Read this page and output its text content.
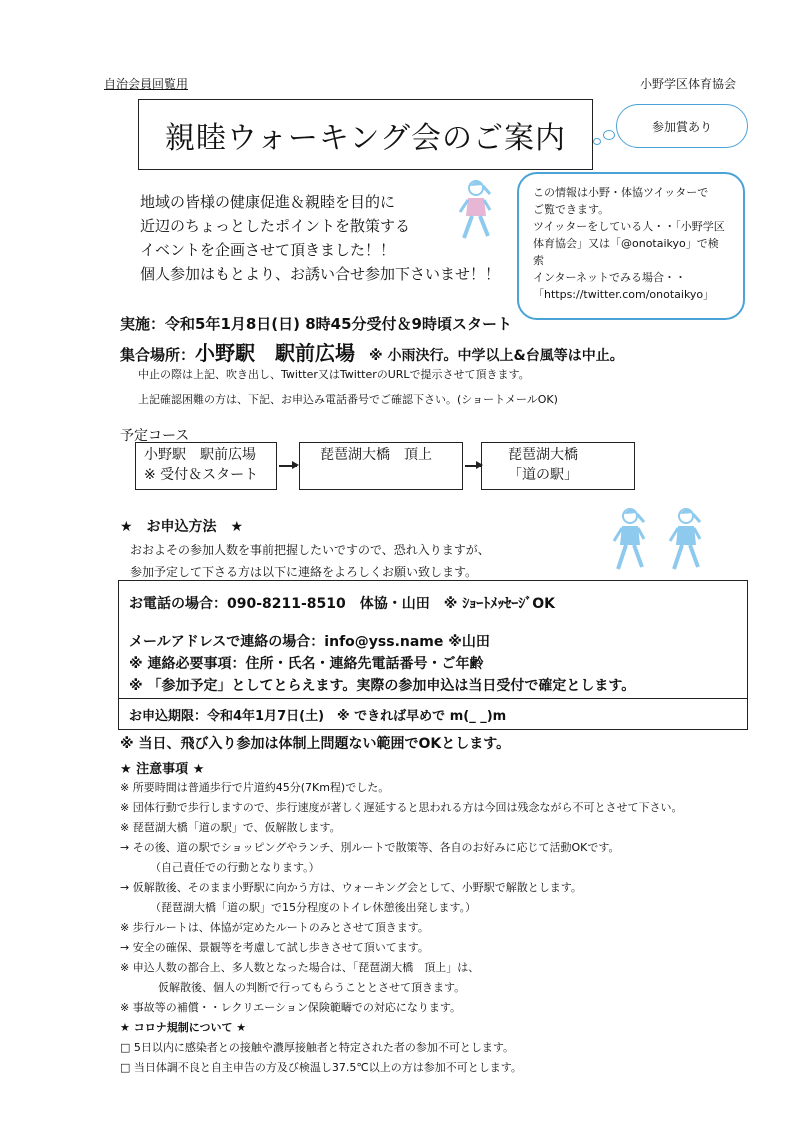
自治会員回覧用	小野学区体育協会
親睦ウォーキング会のご案内	参加賞あり
地域の皆様の健康促進＆親睦を目的に
近辺のちょっとしたポイントを散策する
イベントを企画させて頂きました！！
個人参加はもとより、お誘い合せ参加下さいませ！！
この情報は小野・体協ツイッターで
ご覧できます。
ツイッターをしている人・・「小野学区
体育協会」又は「@onotaikyo」で検
索
インターネットでみる場合・・
「https://twitter.com/onotaikyo」
実施：令和5年1月8日(日) 8時45分受付＆9時頃スタート
集合場所： 小野駅　駅前広場 ※ 小雨決行。中学以上&台風等は中止。
中止の際は上記、吹き出し、Twitter又はTwitterのURLで提示させて頂きます。
上記確認困難の方は、下記、お申込み電話番号でご確認下さい。(ショートメールOK)
予定コース
小野駅　駅前広場
※ 受付＆スタート
琵琶湖大橋　頂上	琵琶湖大橋
「道の駅」
★　お申込方法　★
おおよその参加人数を事前把握したいですので、恐れ入りますが、
参加予定して下さる方は以下に連絡をよろしくお願い致します。
お電話の場合：090-8211-8510　体協・山田　※ ｼｮｰﾄﾒｯｾｰｼﾞOK
メールアドレスで連絡の場合：info@yss.name ※山田
※ 連絡必要事項：住所・氏名・連絡先電話番号・ご年齢
※ 「参加予定」としてとらえます。実際の参加申込は当日受付で確定とします。
お申込期限：令和4年1月7日(土)　※ できれば早めで m(_ _)m
※ 当日、飛び入り参加は体制上問題ない範囲でOKとします。
★ 注意事項 ★
※ 所要時間は普通歩行で片道約45分(7Km程)でした。
※ 団体行動で歩行しますので、歩行速度が著しく遅延すると思われる方は今回は残念ながら不可とさせて下さい。
※ 琵琶湖大橋「道の駅」で、仮解散します。
→ その後、道の駅でショッピングやランチ、別ルートで散策等、各自のお好みに応じて活動OKです。
（自己責任での行動となります。）
→ 仮解散後、そのまま小野駅に向かう方は、ウォーキング会として、小野駅で解散とします。
（琵琶湖大橋「道の駅」で15分程度のトイレ休憩後出発します。）
※ 歩行ルートは、体協が定めたルートのみとさせて頂きます。
→ 安全の確保、景観等を考慮して試し歩きさせて頂いてます。
※ 申込人数の都合上、多人数となった場合は、「琵琶湖大橋　頂上」は、
仮解散後、個人の判断で行ってもらうこととさせて頂きます。
※ 事故等の補償・・レクリエーション保険範疇での対応になります。
★ コロナ規制について ★
□ 5日以内に感染者との接触や濃厚接触者と特定された者の参加不可とします。
□ 当日体調不良と自主申告の方及び検温し37.5℃以上の方は参加不可とします。
